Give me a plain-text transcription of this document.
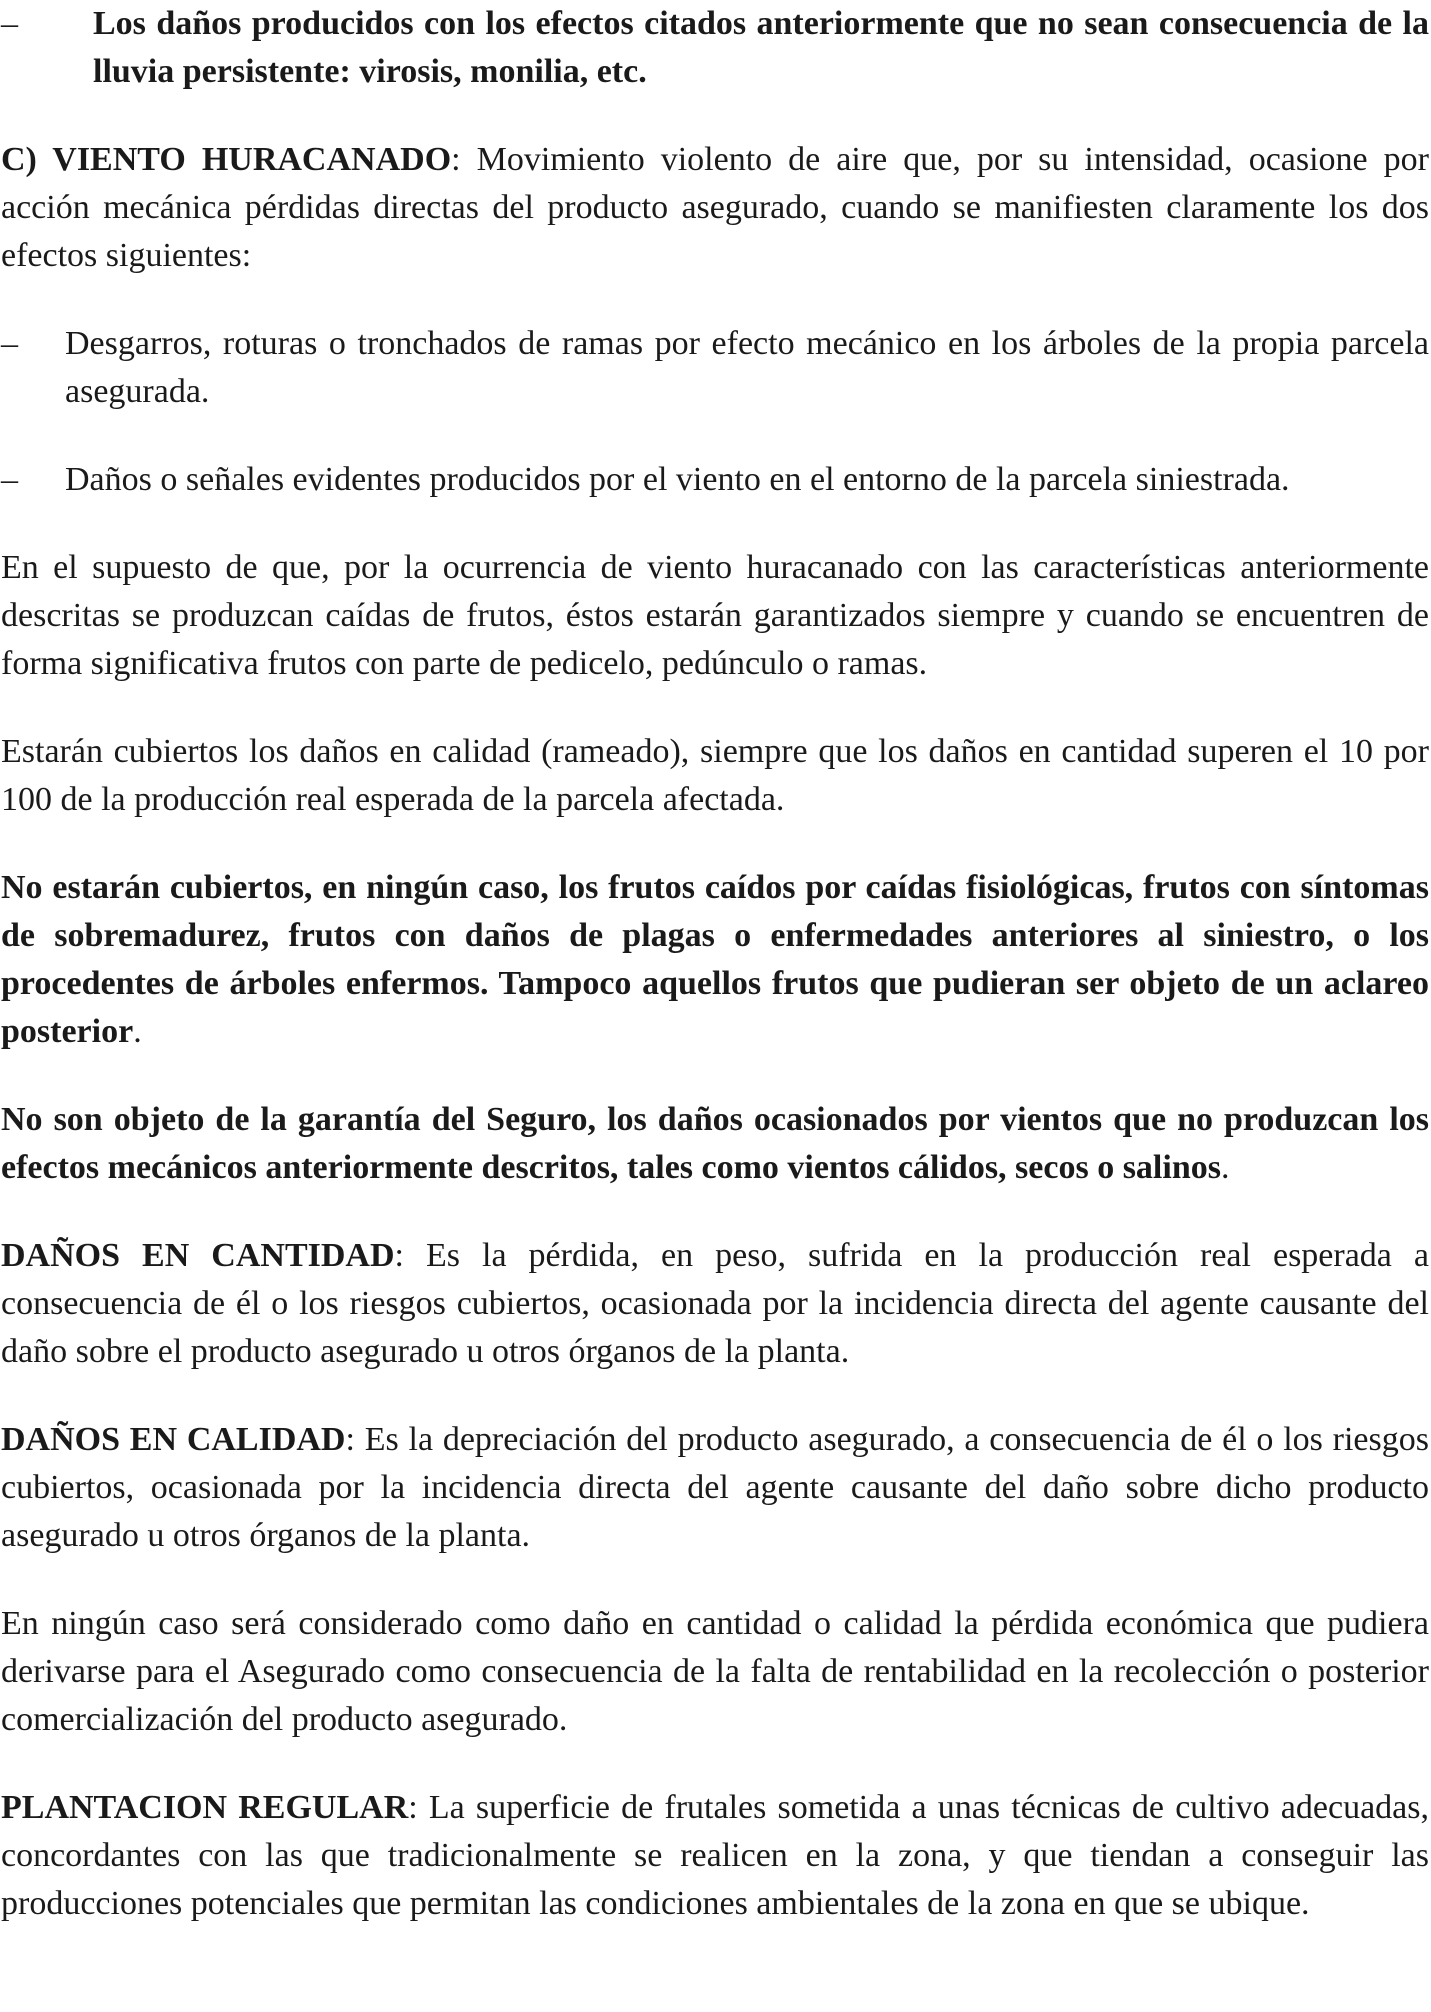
–	Los daños producidos con los efectos citados anteriormente que no sean consecuencia de la lluvia persistente: virosis, monilia, etc.

C) VIENTO HURACANADO: Movimiento violento de aire que, por su intensidad, ocasione por acción mecánica pérdidas directas del producto asegurado, cuando se manifiesten claramente los dos efectos siguientes:

–	Desgarros, roturas o tronchados de ramas por efecto mecánico en los árboles de la propia parcela asegurada.
–	Daños o señales evidentes producidos por el viento en el entorno de la parcela siniestrada.

En el supuesto de que, por la ocurrencia de viento huracanado con las características anteriormente descritas se produzcan caídas de frutos, éstos estarán garantizados siempre y cuando se encuentren de forma significativa frutos con parte de pedicelo, pedúnculo o ramas.

Estarán cubiertos los daños en calidad (rameado), siempre que los daños en cantidad superen el 10 por 100 de la producción real esperada de la parcela afectada.

No estarán cubiertos, en ningún caso, los frutos caídos por caídas fisiológicas, frutos con síntomas de sobremadurez, frutos con daños de plagas o enfermedades anteriores al siniestro, o los procedentes de árboles enfermos. Tampoco aquellos frutos que pudieran ser objeto de un aclareo posterior.

No son objeto de la garantía del Seguro, los daños ocasionados por vientos que no produzcan los efectos mecánicos anteriormente descritos, tales como vientos cálidos, secos o salinos.

DAÑOS EN CANTIDAD: Es la pérdida, en peso, sufrida en la producción real esperada a consecuencia de él o los riesgos cubiertos, ocasionada por la incidencia directa del agente causante del daño sobre el producto asegurado u otros órganos de la planta.

DAÑOS EN CALIDAD: Es la depreciación del producto asegurado, a consecuencia de él o los riesgos cubiertos, ocasionada por la incidencia directa del agente causante del daño sobre dicho producto asegurado u otros órganos de la planta.

En ningún caso será considerado como daño en cantidad o calidad la pérdida económica que pudiera derivarse para el Asegurado como consecuencia de la falta de rentabilidad en la recolección o posterior comercialización del producto asegurado.

PLANTACION REGULAR: La superficie de frutales sometida a unas técnicas de cultivo adecuadas, concordantes con las que tradicionalmente se realicen en la zona, y que tiendan a conseguir las producciones potenciales que permitan las condiciones ambientales de la zona en que se ubique.
